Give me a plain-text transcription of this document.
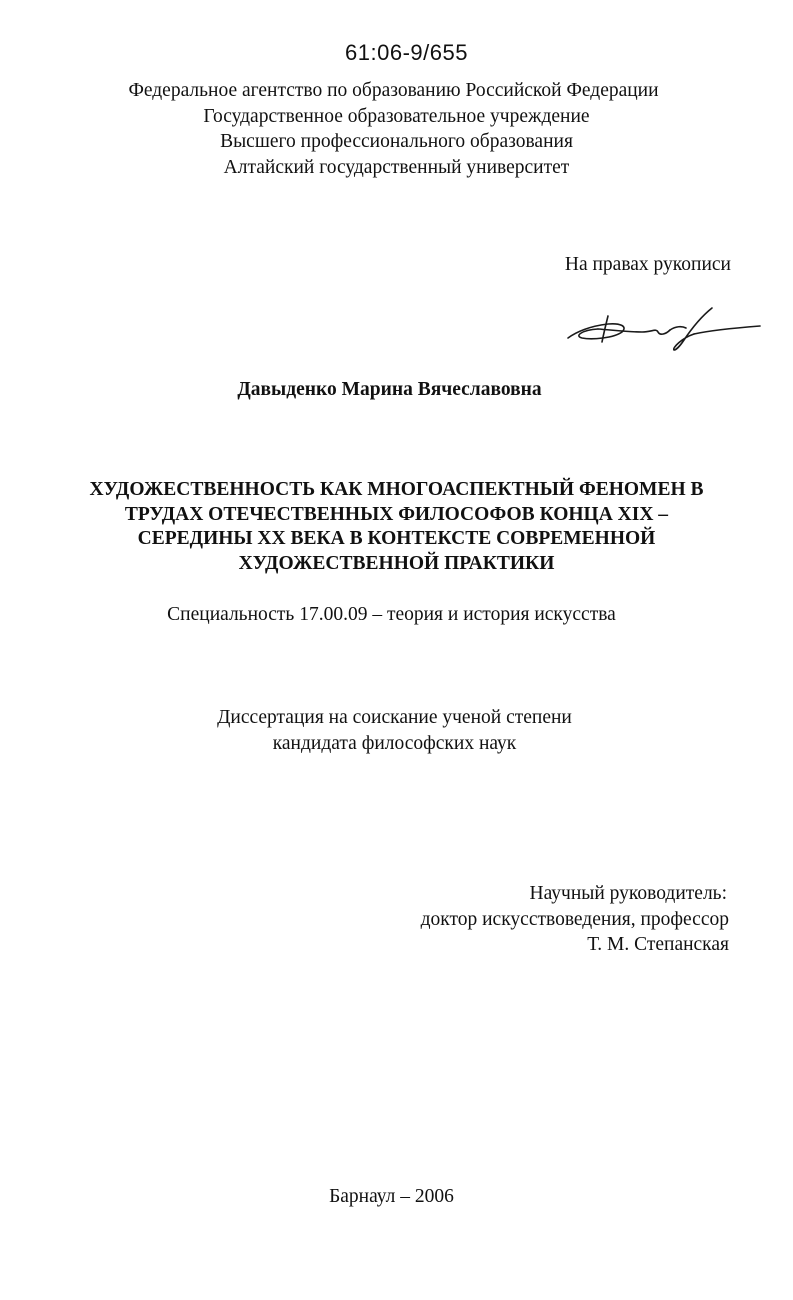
61:06-9/655
Федеральное агентство по образованию Российской Федерации
Государственное образовательное учреждение
Высшего профессионального образования
Алтайский государственный университет
На правах рукописи
Давыденко Марина Вячеславовна
ХУДОЖЕСТВЕННОСТЬ КАК МНОГОАСПЕКТНЫЙ ФЕНОМЕН В
ТРУДАХ ОТЕЧЕСТВЕННЫХ ФИЛОСОФОВ КОНЦА XIX –
СЕРЕДИНЫ XX ВЕКА В КОНТЕКСТЕ СОВРЕМЕННОЙ
ХУДОЖЕСТВЕННОЙ ПРАКТИКИ
Специальность 17.00.09 – теория и история искусства
Диссертация на соискание ученой степени
кандидата философских наук
Научный руководитель:
доктор искусствоведения, профессор
Т. М. Степанская
Барнаул – 2006
